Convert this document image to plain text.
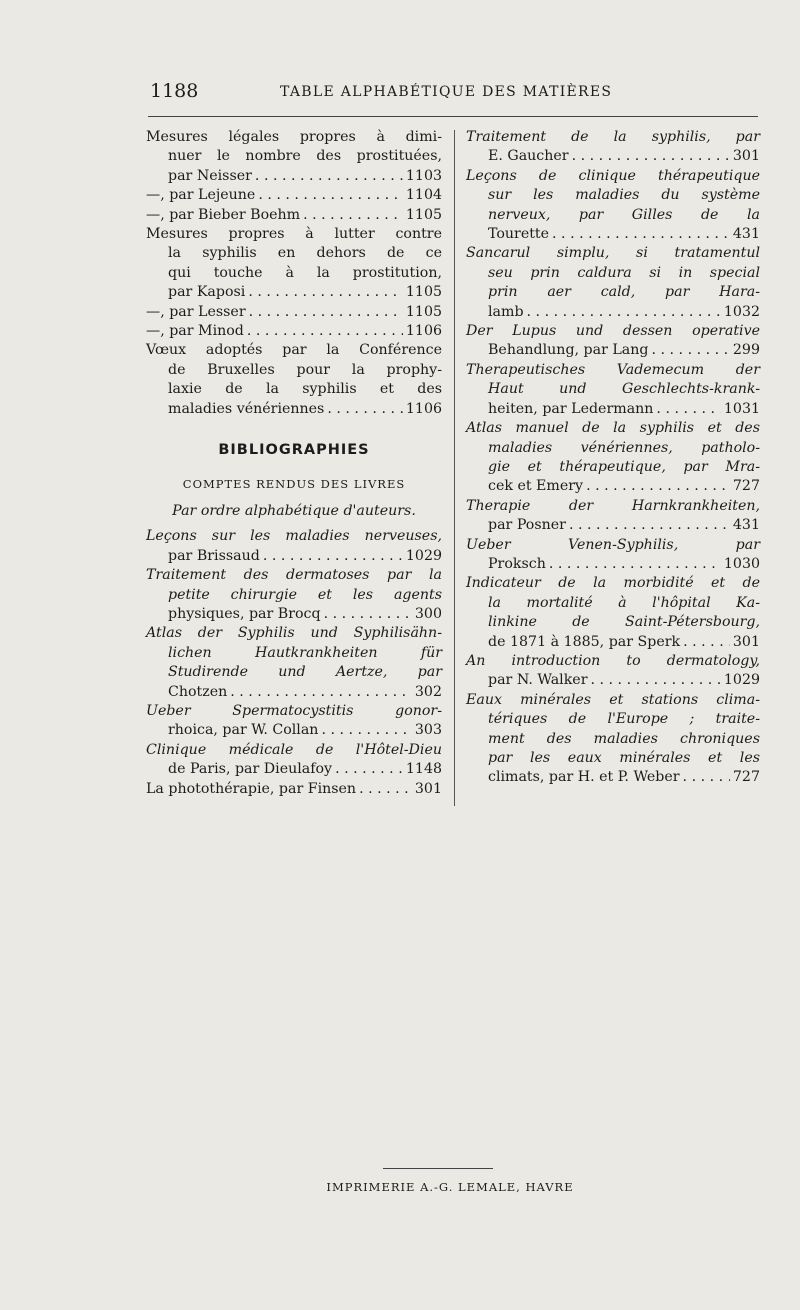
1188	TABLE ALPHABÉTIQUE DES MATIÈRES
Mesures légales propres à dimi-
nuer le nombre des prostituées,
par Neisser . . .	1103
—, par Lejeune . . .	1104
—, par Bieber Boehm . . .	1105
Mesures propres à lutter contre
la syphilis en dehors de ce
qui touche à la prostitution,
par Kaposi . . .	1105
—, par Lesser . . .	1105
—, par Minod . . .	1106
Vœux adoptés par la Conférence
de Bruxelles pour la prophy-
laxie de la syphilis et des
maladies vénériennes . . .	1106
BIBLIOGRAPHIES
COMPTES RENDUS DES LIVRES
Par ordre alphabétique d'auteurs.
Leçons sur les maladies nerveuses,
par Brissaud . . .	1029
Traitement des dermatoses par la
petite chirurgie et les agents
physiques, par Brocq . . .	300
Atlas der Syphilis und Syphilisähn-
lichen Hautkrankheiten für
Studirende und Aertze, par
Chotzen . . .	302
Ueber Spermatocystitis gonor-
rhoica, par W. Collan . . .	303
Clinique médicale de l'Hôtel-Dieu
de Paris, par Dieulafoy . . .	1148
La photothérapie, par Finsen . . .	301
Traitement de la syphilis, par
E. Gaucher . . .	301
Leçons de clinique thérapeutique
sur les maladies du système
nerveux, par Gilles de la
Tourette . . .	431
Sancarul simplu, si tratamentul
seu prin caldura si in special
prin aer cald, par Hara-
lamb . . .	1032
Der Lupus und dessen operative
Behandlung, par Lang . . .	299
Therapeutisches Vademecum der
Haut und Geschlechts-krank-
heiten, par Ledermann . . .	1031
Atlas manuel de la syphilis et des
maladies vénériennes, patholo-
gie et thérapeutique, par Mra-
cek et Emery . . .	727
Therapie der Harnkrankheiten,
par Posner . . .	431
Ueber Venen-Syphilis, par
Proksch . . .	1030
Indicateur de la morbidité et de
la mortalité à l'hôpital Ka-
linkine de Saint-Pétersbourg,
de 1871 à 1885, par Sperk . . .	301
An introduction to dermatology,
par N. Walker . . .	1029
Eaux minérales et stations clima-
tériques de l'Europe ; traite-
ment des maladies chroniques
par les eaux minérales et les
climats, par H. et P. Weber . . .	727
IMPRIMERIE A.-G. LEMALE, HAVRE
